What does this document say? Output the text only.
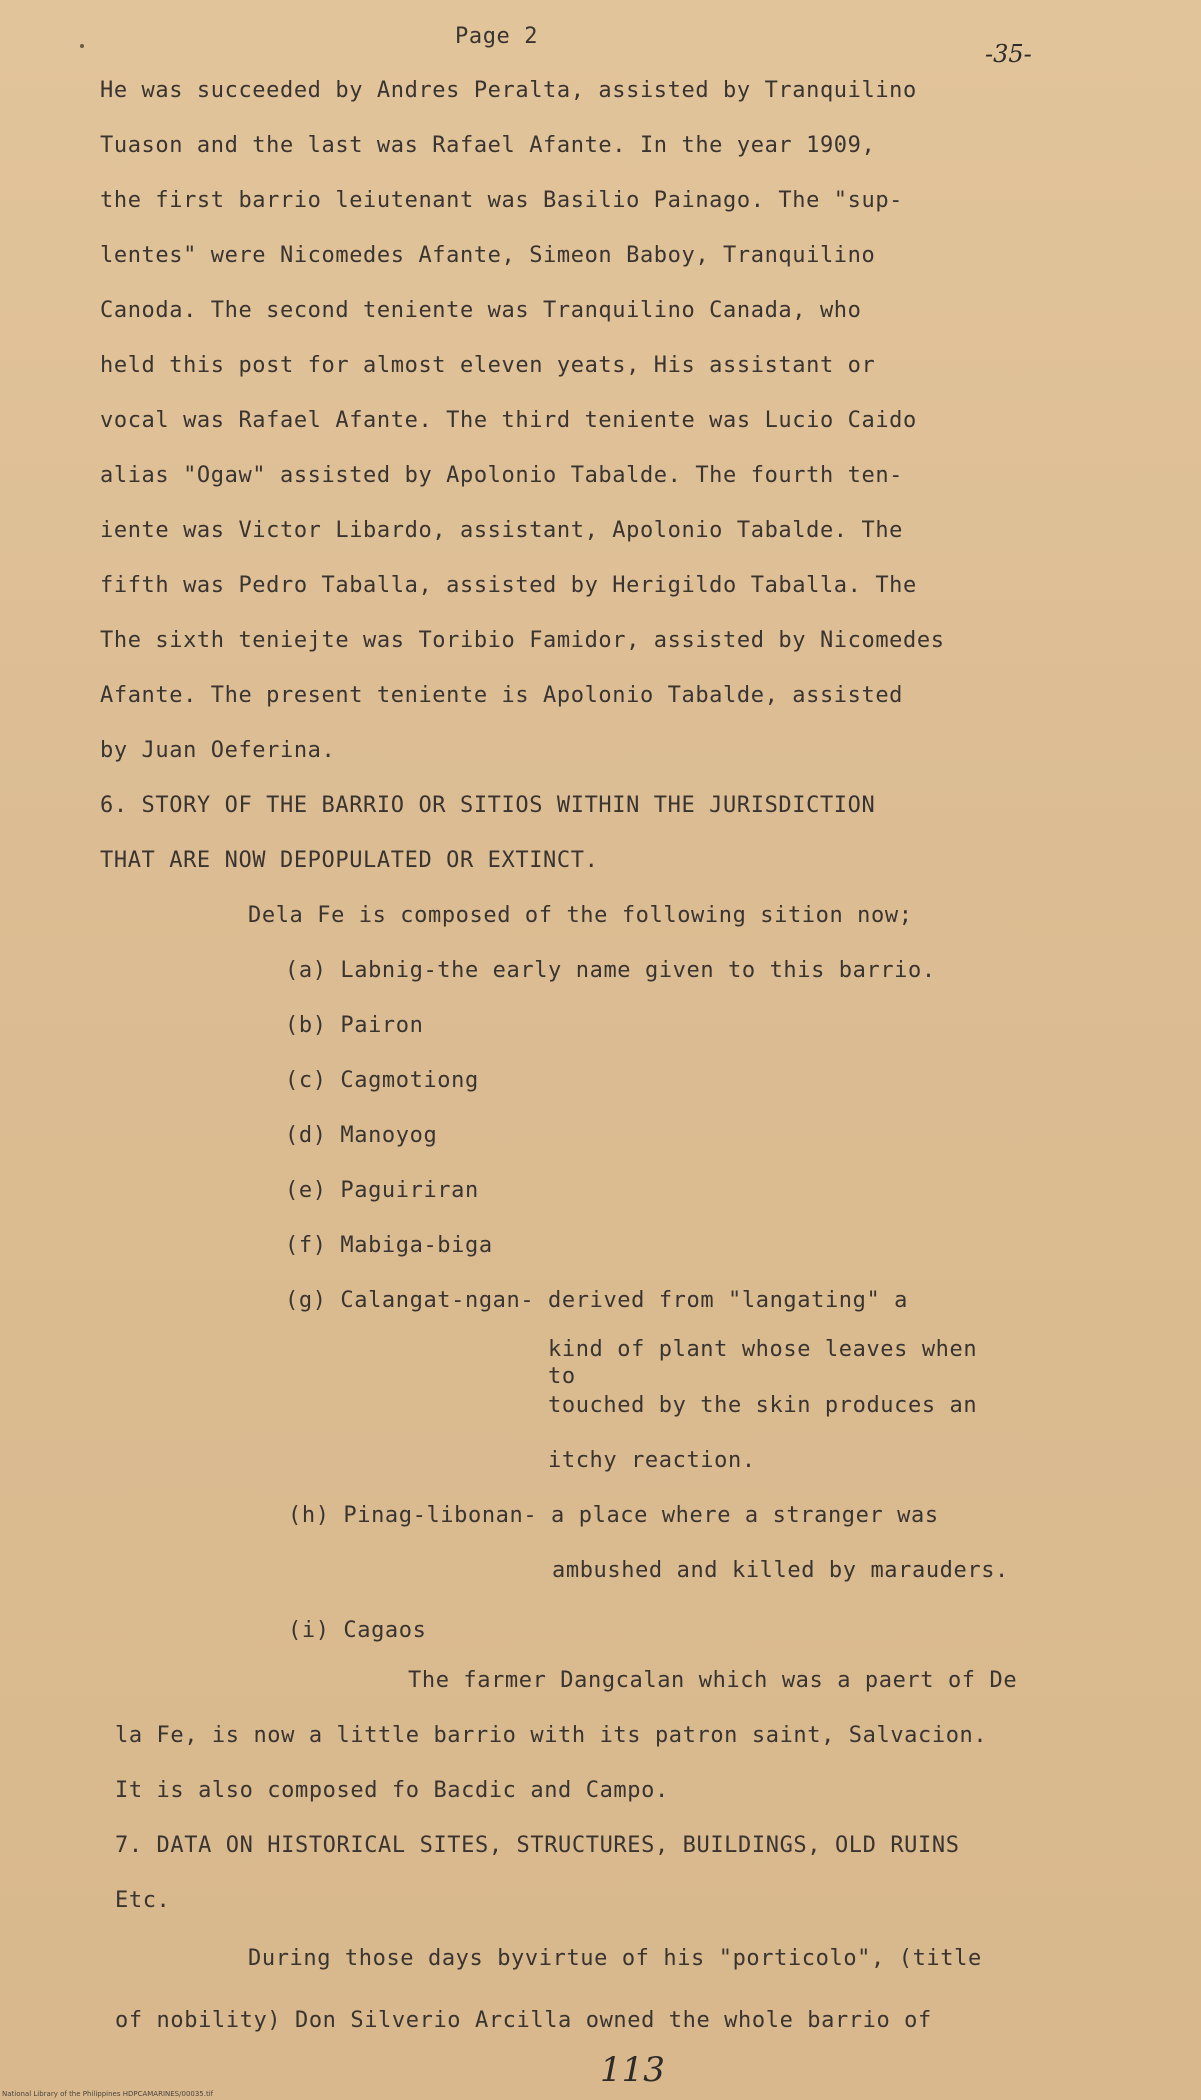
Page 2
-35-
He was succeeded by Andres Peralta, assisted by Tranquilino
Tuason and the last was Rafael Afante. In the year 1909,
the first barrio leiutenant was Basilio Painago. The "sup-
lentes" were Nicomedes Afante, Simeon Baboy, Tranquilino
Canoda. The second teniente was Tranquilino Canada, who
held this post for almost eleven yeats, His assistant or
vocal was Rafael Afante. The third teniente was Lucio Caido
alias "Ogaw" assisted by Apolonio Tabalde. The fourth ten-
iente was Victor Libardo, assistant, Apolonio Tabalde. The
fifth was Pedro Taballa, assisted by Herigildo Taballa. The
The sixth teniejte was Toribio Famidor, assisted by Nicomedes
Afante. The present teniente is Apolonio Tabalde, assisted
by Juan Oeferina.
6. STORY OF THE BARRIO OR SITIOS WITHIN THE JURISDICTION
THAT ARE NOW DEPOPULATED OR EXTINCT.
Dela Fe is composed of the following sition now;
(a) Labnig-the early name given to this barrio.
(b) Pairon
(c) Cagmotiong
(d) Manoyog
(e) Paguiriran
(f) Mabiga-biga
(g) Calangat-ngan- derived from "langating" a
kind of plant whose leaves when
to
touched by the skin produces an
itchy reaction.
(h) Pinag-libonan- a place where a stranger was
ambushed and killed by marauders.
(i) Cagaos
The farmer Dangcalan which was a paert of De
la Fe, is now a little barrio with its patron saint, Salvacion.
It is also composed fo Bacdic and Campo.
7. DATA ON HISTORICAL SITES, STRUCTURES, BUILDINGS, OLD RUINS
Etc.
During those days byvirtue of his "porticolo", (title
of nobility) Don Silverio Arcilla owned the whole barrio of
113
National Library of the Philippines HDPCAMARINES/00035.tif
